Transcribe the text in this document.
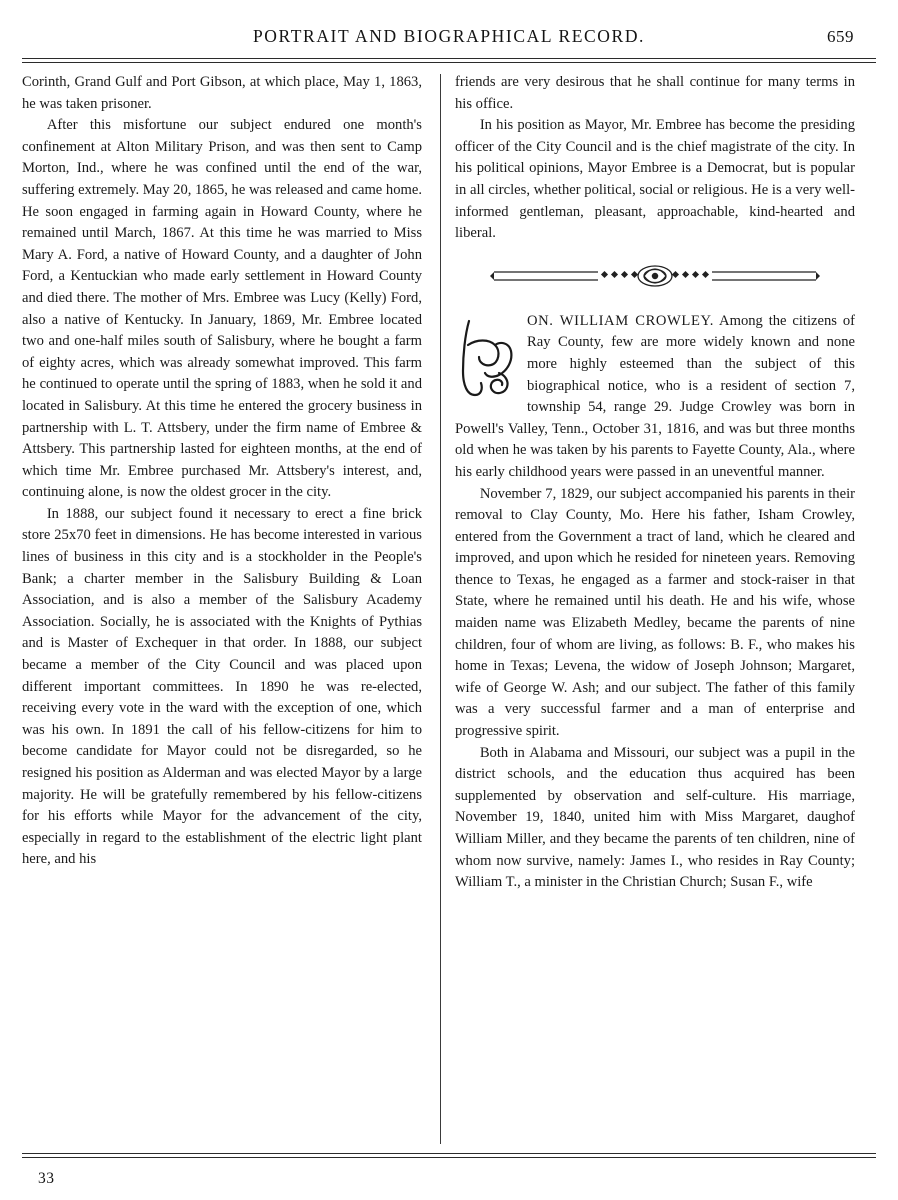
PORTRAIT AND BIOGRAPHICAL RECORD.	659

Corinth, Grand Gulf and Port Gibson, at which place, May 1, 1863, he was taken prisoner.

After this misfortune our subject endured one month's confinement at Alton Military Prison, and was then sent to Camp Morton, Ind., where he was confined until the end of the war, suffering extremely. May 20, 1865, he was released and came home. He soon engaged in farming again in Howard County, where he remained until March, 1867. At this time he was married to Miss Mary A. Ford, a native of Howard County, and a daughter of John Ford, a Kentuckian who made early settlement in Howard County and died there. The mother of Mrs. Embree was Lucy (Kelly) Ford, also a native of Kentucky. In January, 1869, Mr. Embree located two and one-half miles south of Salisbury, where he bought a farm of eighty acres, which was already somewhat improved. This farm he continued to operate until the spring of 1883, when he sold it and located in Salisbury. At this time he entered the grocery business in partnership with L. T. Attsbery, under the firm name of Embree & Attsbery. This partnership lasted for eighteen months, at the end of which time Mr. Embree purchased Mr. Attsbery's interest, and, continuing alone, is now the oldest grocer in the city.

In 1888, our subject found it necessary to erect a fine brick store 25x70 feet in dimensions. He has become interested in various lines of business in this city and is a stockholder in the People's Bank; a charter member in the Salisbury Building & Loan Association, and is also a member of the Salisbury Academy Association. Socially, he is associated with the Knights of Pythias and is Master of Exchequer in that order. In 1888, our subject became a member of the City Council and was placed upon different important committees. In 1890 he was re-elected, receiving every vote in the ward with the exception of one, which was his own. In 1891 the call of his fellow-citizens for him to become candidate for Mayor could not be disregarded, so he resigned his position as Alderman and was elected Mayor by a large majority. He will be gratefully remembered by his fellow-citizens for his efforts while Mayor for the advancement of the city, especially in regard to the establishment of the electric light plant here, and his

friends are very desirous that he shall continue for many terms in his office.

In his position as Mayor, Mr. Embree has become the presiding officer of the City Council and is the chief magistrate of the city. In his political opinions, Mayor Embree is a Democrat, but is popular in all circles, whether political, social or religious. He is a very well-informed gentleman, pleasant, approachable, kind-hearted and liberal.

ON. WILLIAM CROWLEY. Among the citizens of Ray County, few are more widely known and none more highly esteemed than the subject of this biographical notice, who is a resident of section 7, township 54, range 29. Judge Crowley was born in Powell's Valley, Tenn., October 31, 1816, and was but three months old when he was taken by his parents to Fayette County, Ala., where his early childhood years were passed in an uneventful manner.

November 7, 1829, our subject accompanied his parents in their removal to Clay County, Mo. Here his father, Isham Crowley, entered from the Government a tract of land, which he cleared and improved, and upon which he resided for nineteen years. Removing thence to Texas, he engaged as a farmer and stock-raiser in that State, where he remained until his death. He and his wife, whose maiden name was Elizabeth Medley, became the parents of nine children, four of whom are living, as follows: B. F., who makes his home in Texas; Levena, the widow of Joseph Johnson; Margaret, wife of George W. Ash; and our subject. The father of this family was a very successful farmer and a man of enterprise and progressive spirit.

Both in Alabama and Missouri, our subject was a pupil in the district schools, and the education thus acquired has been supplemented by observation and self-culture. His marriage, November 19, 1840, united him with Miss Margaret, daughof William Miller, and they became the parents of ten children, nine of whom now survive, namely: James I., who resides in Ray County; William T., a minister in the Christian Church; Susan F., wife

33
